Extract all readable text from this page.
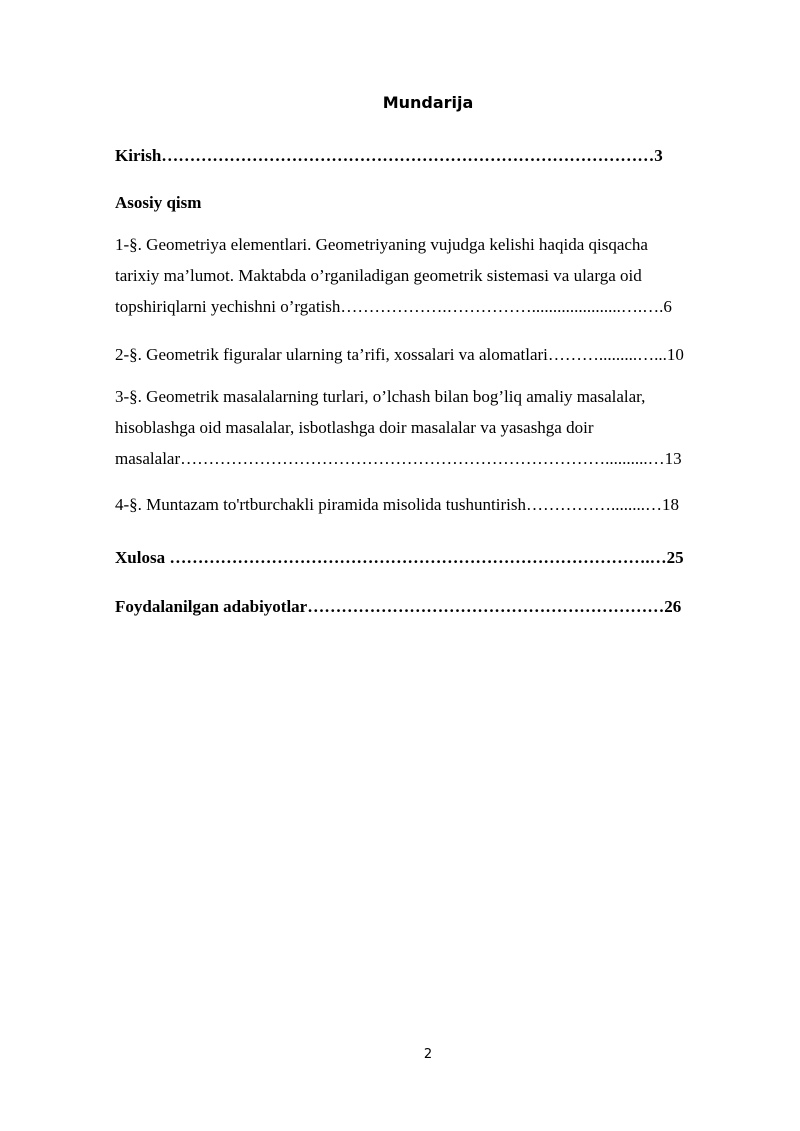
Mundarija
Kirish……………………………………………………………………………3
Asosiy qism
1-§. Geometriya elementlari. Geometriyaning vujudga kelishi haqida qisqacha
tarixiy ma’lumot. Maktabda o’rganiladigan geometrik sistemasi va ularga oid
topshiriqlarni yechishni o’rgatish……………….…………….....................….….6
2-§. Geometrik figuralar ularning ta’rifi, xossalari va alomatlari……….........…...10
3-§. Geometrik masalalarning turlari, o’lchash bilan bog’liq amaliy masalalar,
hisoblashga oid masalalar, isbotlashga doir masalalar va yasashga doir
masalalar…………………………………………………………………..........…13
4-§. Muntazam to'rtburchakli piramida misolida tushuntirish……………........…18
Xulosa ………………………………………………………………………….…25
Foydalanilgan adabiyotlar………………………………………………………26
2
